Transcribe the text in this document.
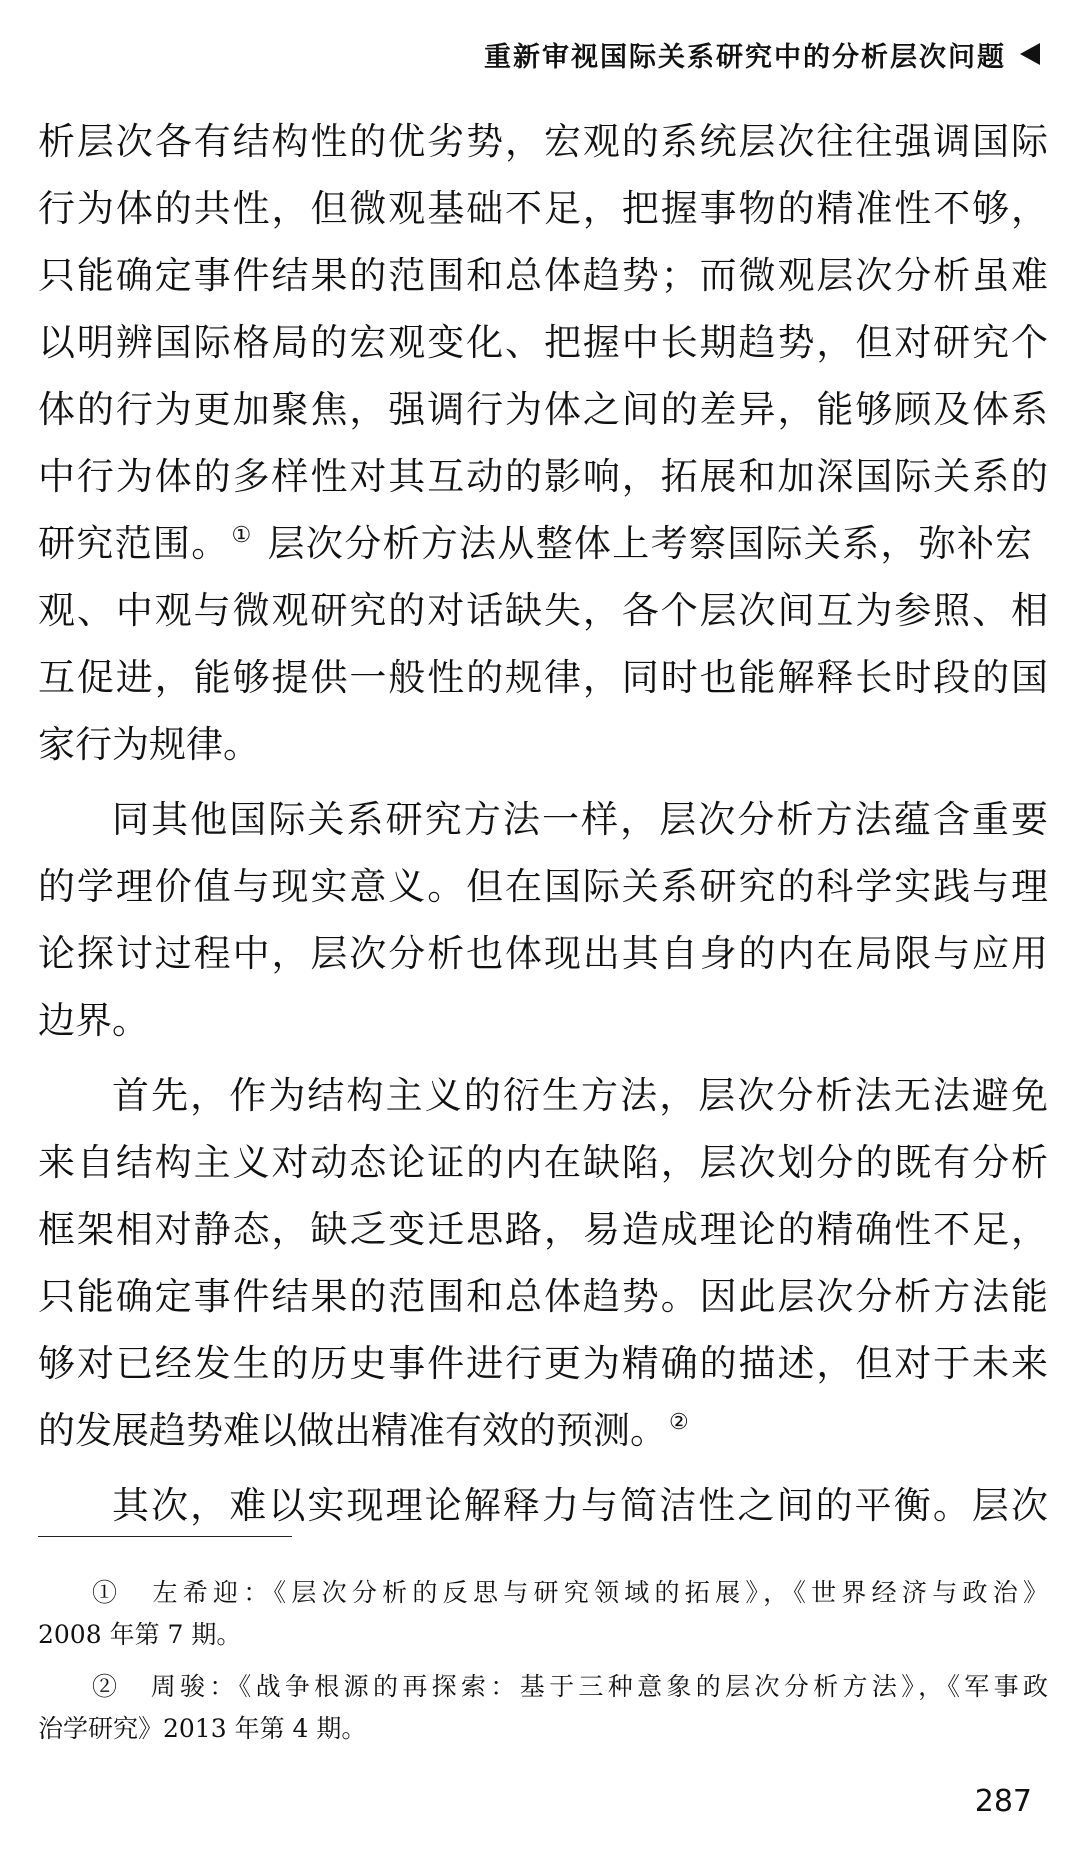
重新审视国际关系研究中的分析层次问题
析层次各有结构性的优劣势，宏观的系统层次往往强调国际
行为体的共性，但微观基础不足，把握事物的精准性不够，
只能确定事件结果的范围和总体趋势；而微观层次分析虽难
以明辨国际格局的宏观变化、把握中长期趋势，但对研究个
体的行为更加聚焦，强调行为体之间的差异，能够顾及体系
中行为体的多样性对其互动的影响，拓展和加深国际关系的
研究范围。① 层次分析方法从整体上考察国际关系，弥补宏
观、中观与微观研究的对话缺失，各个层次间互为参照、相
互促进，能够提供一般性的规律，同时也能解释长时段的国
家行为规律。
同其他国际关系研究方法一样，层次分析方法蕴含重要
的学理价值与现实意义。但在国际关系研究的科学实践与理
论探讨过程中，层次分析也体现出其自身的内在局限与应用
边界。
首先，作为结构主义的衍生方法，层次分析法无法避免
来自结构主义对动态论证的内在缺陷，层次划分的既有分析
框架相对静态，缺乏变迁思路，易造成理论的精确性不足，
只能确定事件结果的范围和总体趋势。因此层次分析方法能
够对已经发生的历史事件进行更为精确的描述，但对于未来
的发展趋势难以做出精准有效的预测。②
其次，难以实现理论解释力与简洁性之间的平衡。层次
①　左希迎：《层次分析的反思与研究领域的拓展》，《世界经济与政治》
2008 年第 7 期。
②　周骏：《战争根源的再探索：基于三种意象的层次分析方法》，《军事政
治学研究》2013 年第 4 期。
287
